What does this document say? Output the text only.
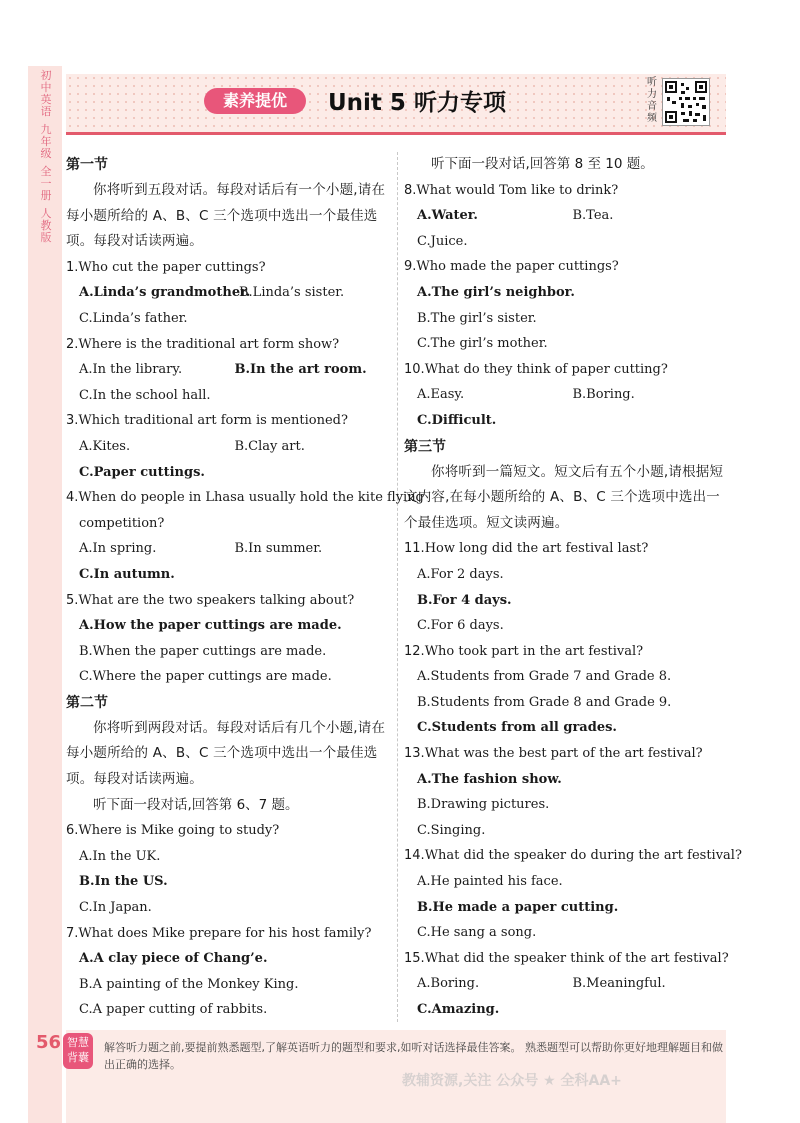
初中英语
九年级
全一册
人教版
素养提优	Unit 5 听力专项
听力音频
第一节
你将听到五段对话。每段对话后有一个小题,请在每小题所给的 A、B、C 三个选项中选出一个最佳选项。每段对话读两遍。
1.Who cut the paper cuttings?
A.Linda’s grandmother.
B.Linda’s sister.
C.Linda’s father.
2.Where is the traditional art form show?
A.In the library.	B.In the art room.
C.In the school hall.
3.Which traditional art form is mentioned?
A.Kites.	B.Clay art.
C.Paper cuttings.
4.When do people in Lhasa usually hold the kite flying
competition?
A.In spring.	B.In summer.
C.In autumn.
5.What are the two speakers talking about?
A.How the paper cuttings are made.
B.When the paper cuttings are made.
C.Where the paper cuttings are made.
第二节
你将听到两段对话。每段对话后有几个小题,请在每小题所给的 A、B、C 三个选项中选出一个最佳选项。每段对话读两遍。
听下面一段对话,回答第 6、7 题。
6.Where is Mike going to study?
A.In the UK.
B.In the US.
C.In Japan.
7.What does Mike prepare for his host family?
A.A clay piece of Chang’e.
B.A painting of the Monkey King.
C.A paper cutting of rabbits.
听下面一段对话,回答第 8 至 10 题。
8.What would Tom like to drink?
A.Water.	B.Tea.
C.Juice.
9.Who made the paper cuttings?
A.The girl’s neighbor.
B.The girl’s sister.
C.The girl’s mother.
10.What do they think of paper cutting?
A.Easy.	B.Boring.
C.Difficult.
第三节
你将听到一篇短文。短文后有五个小题,请根据短文内容,在每小题所给的 A、B、C 三个选项中选出一个最佳选项。短文读两遍。
11.How long did the art festival last?
A.For 2 days.
B.For 4 days.
C.For 6 days.
12.Who took part in the art festival?
A.Students from Grade 7 and Grade 8.
B.Students from Grade 8 and Grade 9.
C.Students from all grades.
13.What was the best part of the art festival?
A.The fashion show.
B.Drawing pictures.
C.Singing.
14.What did the speaker do during the art festival?
A.He painted his face.
B.He made a paper cutting.
C.He sang a song.
15.What did the speaker think of the art festival?
A.Boring.	B.Meaningful.
C.Amazing.
56 智慧背囊
解答听力题之前,要提前熟悉题型,了解英语听力的题型和要求,如听对话选择最佳答案。 熟悉题型可以帮助你更好地理解题目和做出正确的选择。
教辅资源,关注 公众号 ★ 全科AA+
